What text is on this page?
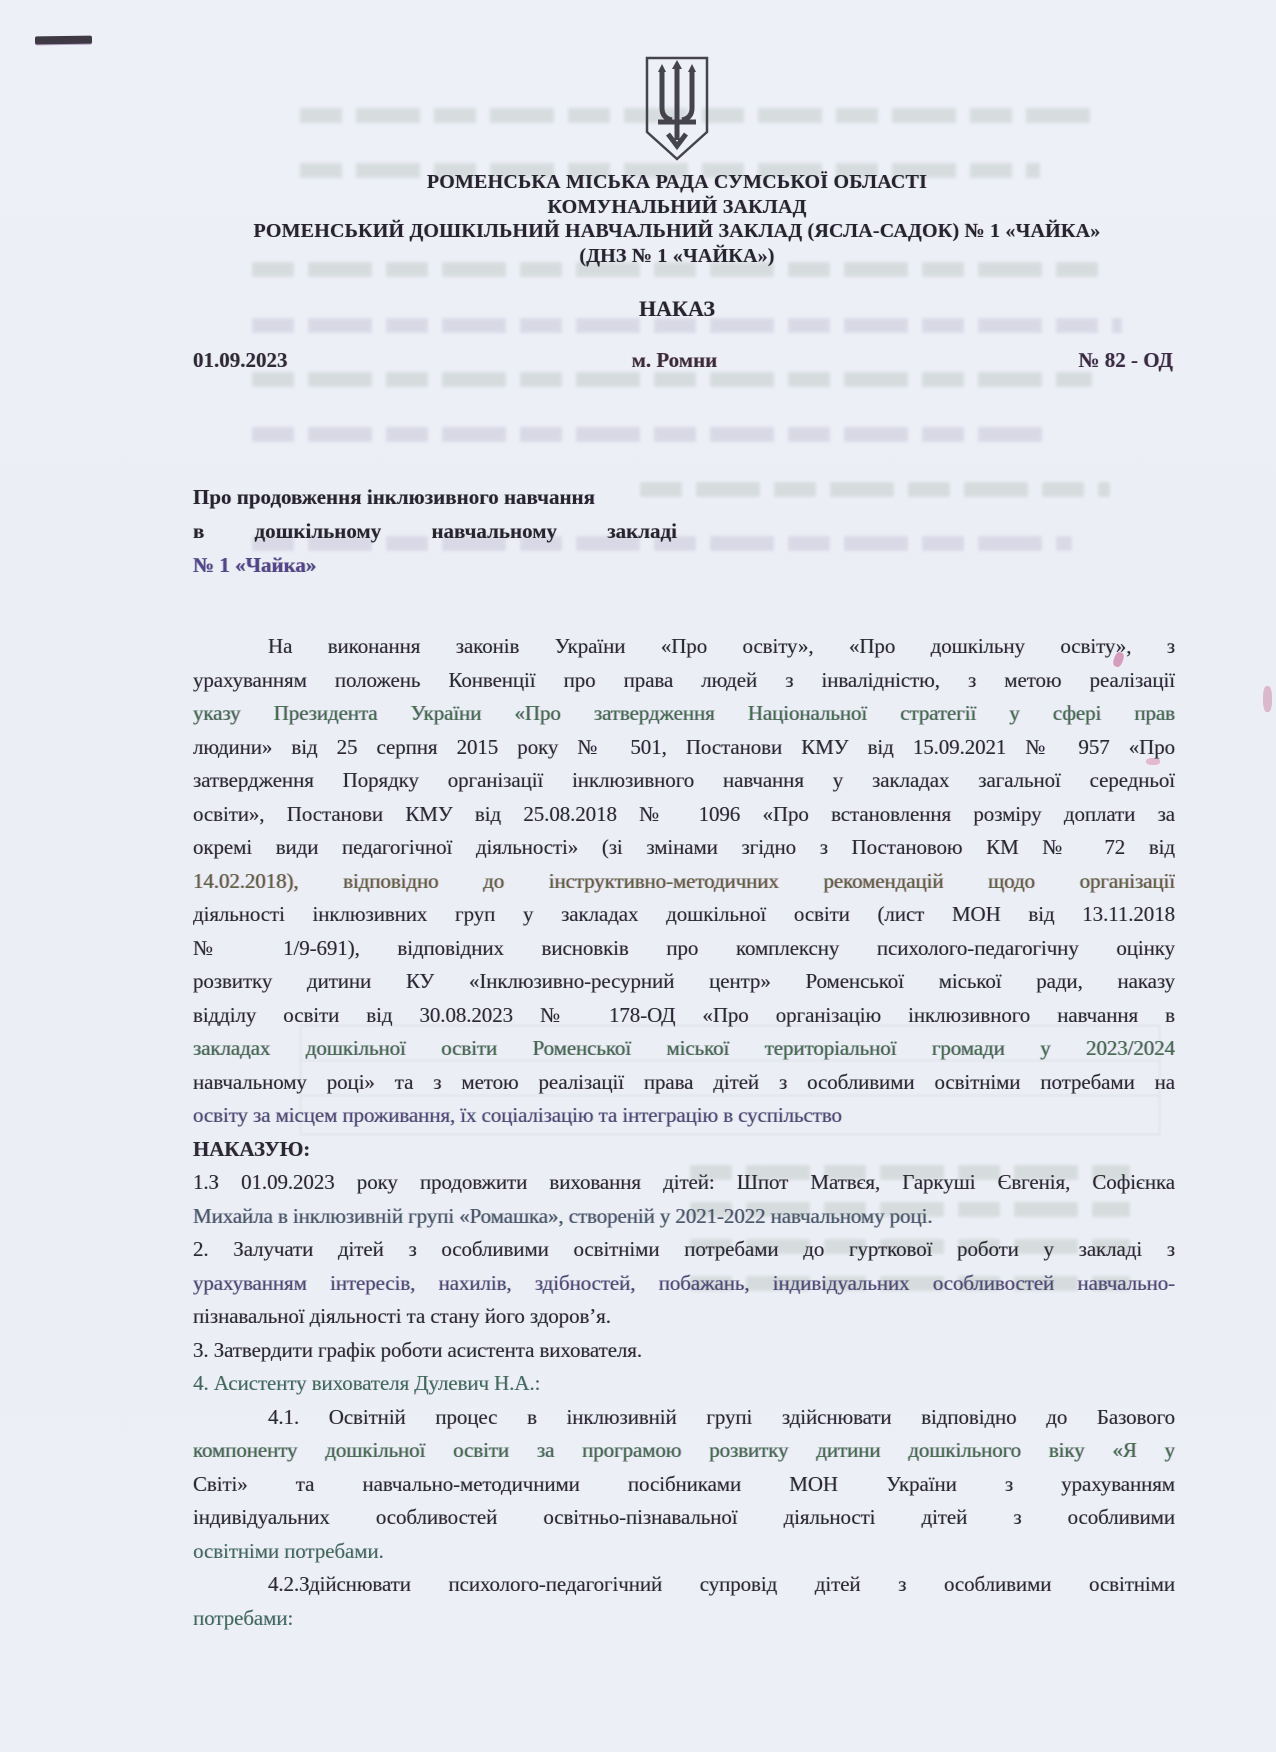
РОМЕНСЬКА МІСЬКА РАДА СУМСЬКОЇ ОБЛАСТІ
КОМУНАЛЬНИЙ ЗАКЛАД
РОМЕНСЬКИЙ ДОШКІЛЬНИЙ НАВЧАЛЬНИЙ ЗАКЛАД (ЯСЛА-САДОК) № 1 «ЧАЙКА»
(ДНЗ № 1 «ЧАЙКА»)
НАКАЗ
01.09.2023	м. Ромни	№ 82 - ОД
Про продовження інклюзивного навчання
в дошкільному навчальному закладі
№ 1 «Чайка»
На виконання законів України «Про освіту», «Про дошкільну освіту», з
урахуванням положень Конвенції про права людей з інвалідністю, з метою реалізації
указу Президента України «Про затвердження Національної стратегії у сфері прав
людини» від 25 серпня 2015 року № 501, Постанови КМУ від 15.09.2021 № 957 «Про
затвердження Порядку організації інклюзивного навчання у закладах загальної середньої
освіти», Постанови КМУ від 25.08.2018 № 1096 «Про встановлення розміру доплати за
окремі види педагогічної діяльності» (зі змінами згідно з Постановою КМ № 72 від
14.02.2018), відповідно до інструктивно-методичних рекомендацій щодо організації
діяльності інклюзивних груп у закладах дошкільної освіти (лист МОН від 13.11.2018
№ 1/9-691), відповідних висновків про комплексну психолого-педагогічну оцінку
розвитку дитини КУ «Інклюзивно-ресурний центр» Роменської міської ради, наказу
відділу освіти від 30.08.2023 № 178-ОД «Про організацію інклюзивного навчання в
закладах дошкільної освіти Роменської міської територіальної громади у 2023/2024
навчальному році» та з метою реалізації права дітей з особливими освітніми потребами на
освіту за місцем проживання, їх соціалізацію та інтеграцію в суспільство
НАКАЗУЮ:
1.З 01.09.2023 року продовжити виховання дітей: Шпот Матвєя, Гаркуші Євгенія, Софієнка
Михайла в інклюзивній групі «Ромашка», створеній у 2021-2022 навчальному році.
2. Залучати дітей з особливими освітніми потребами до гурткової роботи у закладі з
урахуванням інтересів, нахилів, здібностей, побажань, індивідуальних особливостей навчально-
пізнавальної діяльності та стану його здоров’я.
3. Затвердити графік роботи асистента вихователя.
4. Асистенту вихователя Дулевич Н.А.:
4.1. Освітній процес в інклюзивній групі здійснювати відповідно до Базового
компоненту дошкільної освіти за програмою розвитку дитини дошкільного віку «Я у
Світі» та навчально-методичними посібниками МОН України з урахуванням
індивідуальних особливостей освітньо-пізнавальної діяльності дітей з особливими
освітніми потребами.
4.2.Здійснювати психолого-педагогічний супровід дітей з особливими освітніми
потребами:
